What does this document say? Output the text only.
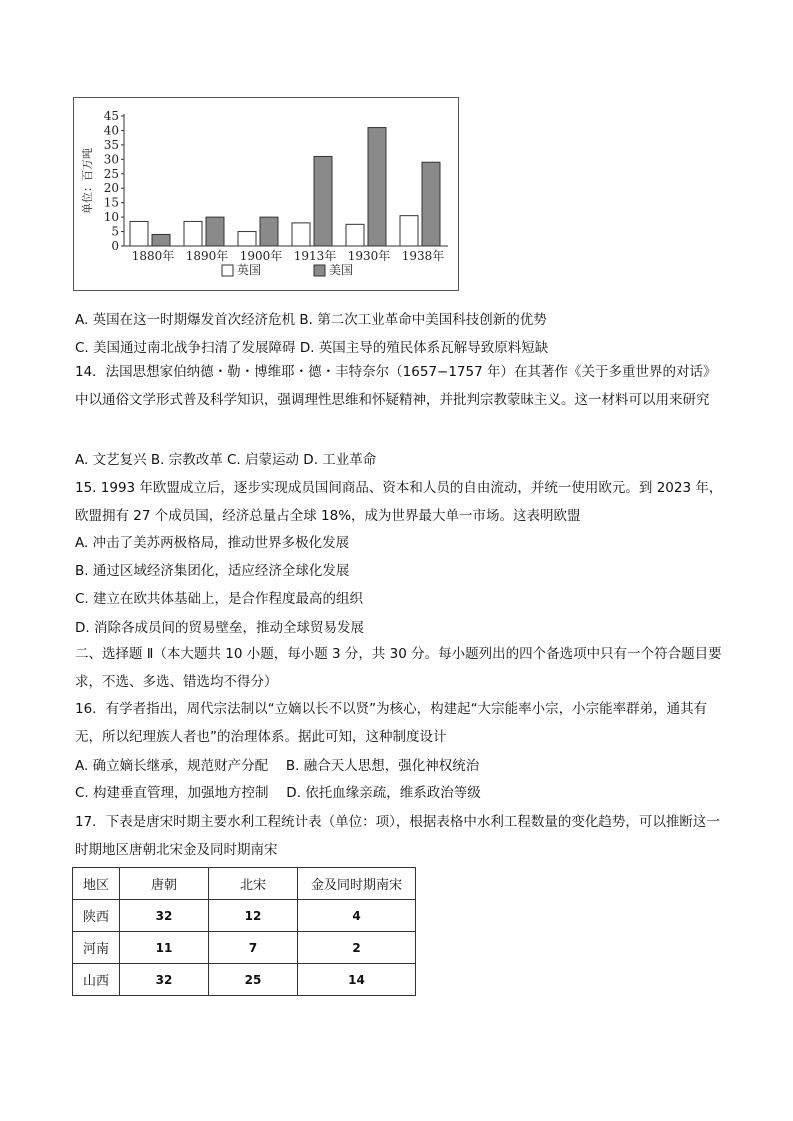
0
5
10
15
20
25
30
35
40
45
单位：百万吨
1880年 1890年 1900年 1913年 1930年 1938年
英国	美国
A. 英国在这一时期爆发首次经济危机 B. 第二次工业革命中美国科技创新的优势
C. 美国通过南北战争扫清了发展障碍 D. 英国主导的殖民体系瓦解导致原料短缺
14．法国思想家伯纳德・勒・博维耶・德・丰特奈尔（1657−1757 年）在其著作《关于多重世界的对话》中以通俗文学形式普及科学知识，强调理性思维和怀疑精神，并批判宗教蒙昧主义。这一材料可以用来研究
A. 文艺复兴 B. 宗教改革 C. 启蒙运动 D. 工业革命
15. 1993 年欧盟成立后，逐步实现成员国间商品、资本和人员的自由流动，并统一使用欧元。到 2023 年，欧盟拥有 27 个成员国，经济总量占全球 18%，成为世界最大单一市场。这表明欧盟
A. 冲击了美苏两极格局，推动世界多极化发展
B. 通过区域经济集团化，适应经济全球化发展
C. 建立在欧共体基础上，是合作程度最高的组织
D. 消除各成员间的贸易壁垒，推动全球贸易发展
二、选择题 Ⅱ（本大题共 10 小题，每小题 3 分，共 30 分。每小题列出的四个备选项中只有一个符合题目要求，不选、多选、错选均不得分）
16．有学者指出，周代宗法制以“立嫡以长不以贤”为核心，构建起“大宗能率小宗，小宗能率群弟，通其有无，所以纪理族人者也”的治理体系。据此可知，这种制度设计
A. 确立嫡长继承，规范财产分配　 B. 融合天人思想，强化神权统治
C. 构建垂直管理，加强地方控制　 D. 依托血缘亲疏，维系政治等级
17．下表是唐宋时期主要水利工程统计表（单位：项），根据表格中水利工程数量的变化趋势，可以推断这一时期地区唐朝北宋金及同时期南宋
地区	唐朝	北宋	金及同时期南宋
陕西	32	12	4
河南	11	7	2
山西	32	25	14
